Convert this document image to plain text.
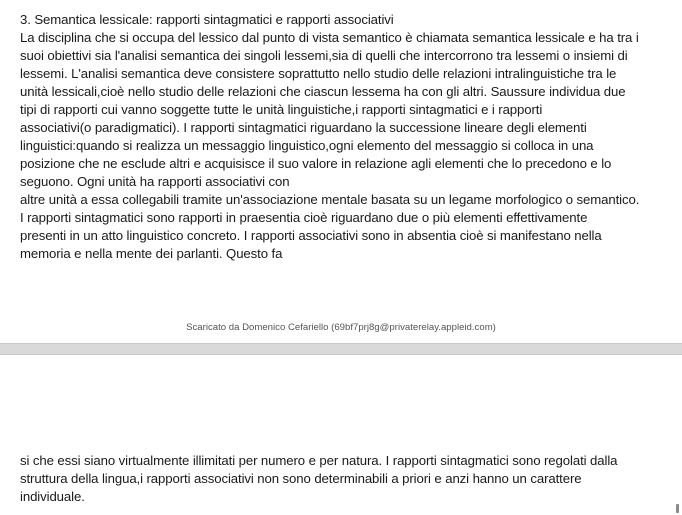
3. Semantica lessicale: rapporti sintagmatici e rapporti associativi
La disciplina che si occupa del lessico dal punto di vista semantico è chiamata semantica lessicale e ha tra i
suoi obiettivi sia l'analisi semantica dei singoli lessemi,sia di quelli che intercorrono tra lessemi o insiemi di
lessemi. L'analisi semantica deve consistere soprattutto nello studio delle relazioni intralinguistiche tra le
unità lessicali,cioè nello studio delle relazioni che ciascun lessema ha con gli altri. Saussure individua due
tipi di rapporti cui vanno soggette tutte le unità linguistiche,i rapporti sintagmatici e i rapporti
associativi(o paradigmatici). I rapporti sintagmatici riguardano la successione lineare degli elementi
linguistici:quando si realizza un messaggio linguistico,ogni elemento del messaggio si colloca in una
posizione che ne esclude altri e acquisisce il suo valore in relazione agli elementi che lo precedono e lo
seguono. Ogni unità ha rapporti associativi con
altre unità a essa collegabili tramite un'associazione mentale basata su un legame morfologico o semantico.
I rapporti sintagmatici sono rapporti in praesentia cioè riguardano due o più elementi effettivamente
presenti in un atto linguistico concreto. I rapporti associativi sono in absentia cioè si manifestano nella
memoria e nella mente dei parlanti. Questo fa
Scaricato da Domenico Cefariello (69bf7prj8g@privaterelay.appleid.com)
si che essi siano virtualmente illimitati per numero e per natura. I rapporti sintagmatici sono regolati dalla
struttura della lingua,i rapporti associativi non sono determinabili a priori e anzi hanno un carattere
individuale.
